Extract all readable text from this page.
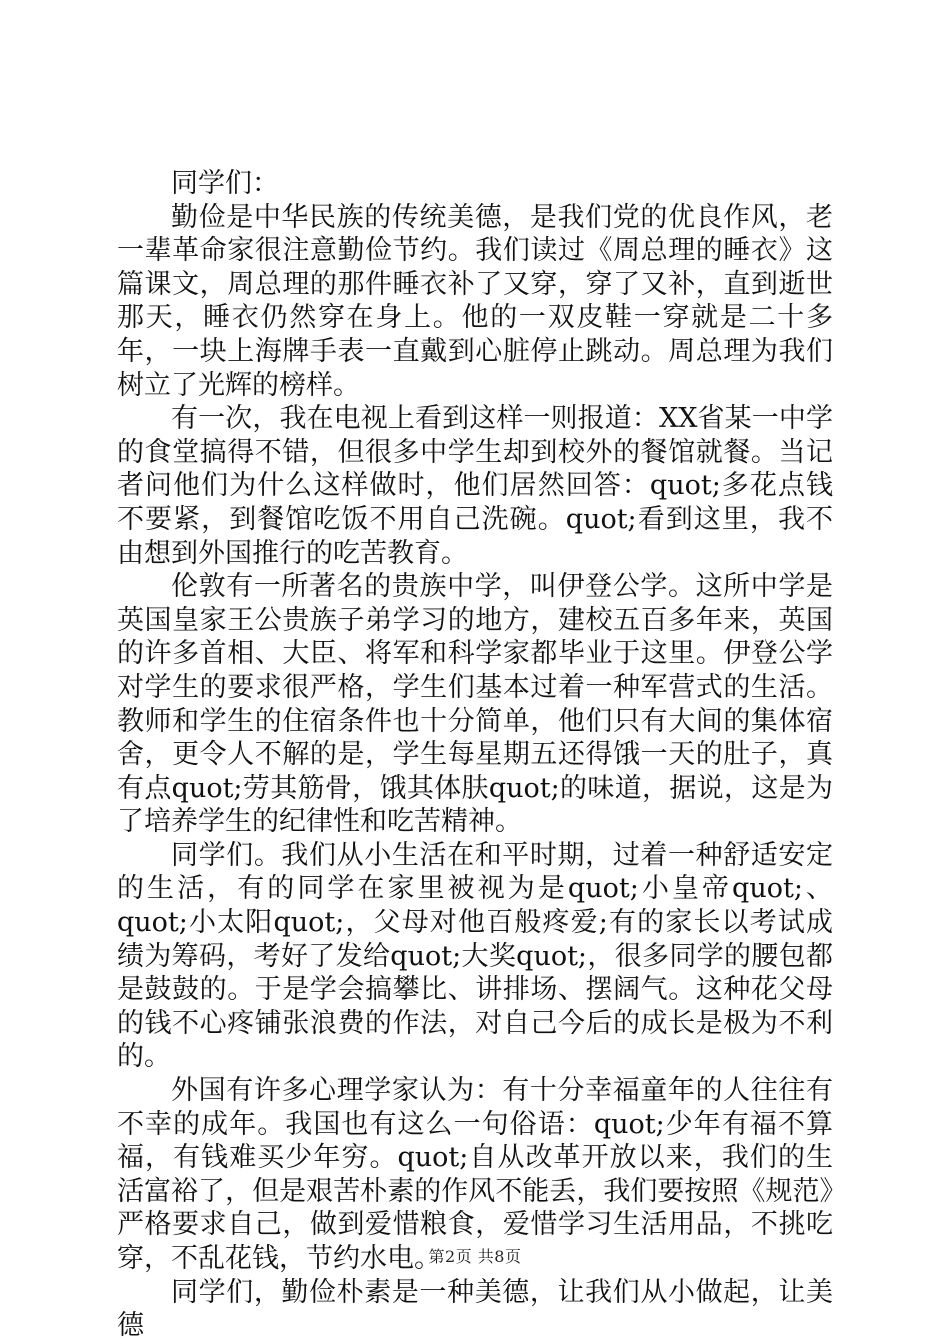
同学们：

勤俭是中华民族的传统美德，是我们党的优良作风，老一辈革命家很注意勤俭节约。我们读过《周总理的睡衣》这篇课文，周总理的那件睡衣补了又穿，穿了又补，直到逝世那天，睡衣仍然穿在身上。他的一双皮鞋一穿就是二十多年，一块上海牌手表一直戴到心脏停止跳动。周总理为我们树立了光辉的榜样。

有一次，我在电视上看到这样一则报道：XX省某一中学的食堂搞得不错，但很多中学生却到校外的餐馆就餐。当记者问他们为什么这样做时，他们居然回答：quot;多花点钱不要紧，到餐馆吃饭不用自己洗碗。quot;看到这里，我不由想到外国推行的吃苦教育。

伦敦有一所著名的贵族中学，叫伊登公学。这所中学是英国皇家王公贵族子弟学习的地方，建校五百多年来，英国的许多首相、大臣、将军和科学家都毕业于这里。伊登公学对学生的要求很严格，学生们基本过着一种军营式的生活。教师和学生的住宿条件也十分简单，他们只有大间的集体宿舍，更令人不解的是，学生每星期五还得饿一天的肚子，真有点quot;劳其筋骨，饿其体肤quot;的味道，据说，这是为了培养学生的纪律性和吃苦精神。

同学们。我们从小生活在和平时期，过着一种舒适安定的生活，有的同学在家里被视为是quot;小皇帝quot;、quot;小太阳quot;，父母对他百般疼爱;有的家长以考试成绩为筹码，考好了发给quot;大奖quot;，很多同学的腰包都是鼓鼓的。于是学会搞攀比、讲排场、摆阔气。这种花父母的钱不心疼铺张浪费的作法，对自己今后的成长是极为不利的。

外国有许多心理学家认为：有十分幸福童年的人往往有不幸的成年。我国也有这么一句俗语：quot;少年有福不算福，有钱难买少年穷。quot;自从改革开放以来，我们的生活富裕了，但是艰苦朴素的作风不能丢，我们要按照《规范》严格要求自己，做到爱惜粮食，爱惜学习生活用品，不挑吃穿，不乱花钱，节约水电。

同学们，勤俭朴素是一种美德，让我们从小做起，让美德

第2页 共8页
